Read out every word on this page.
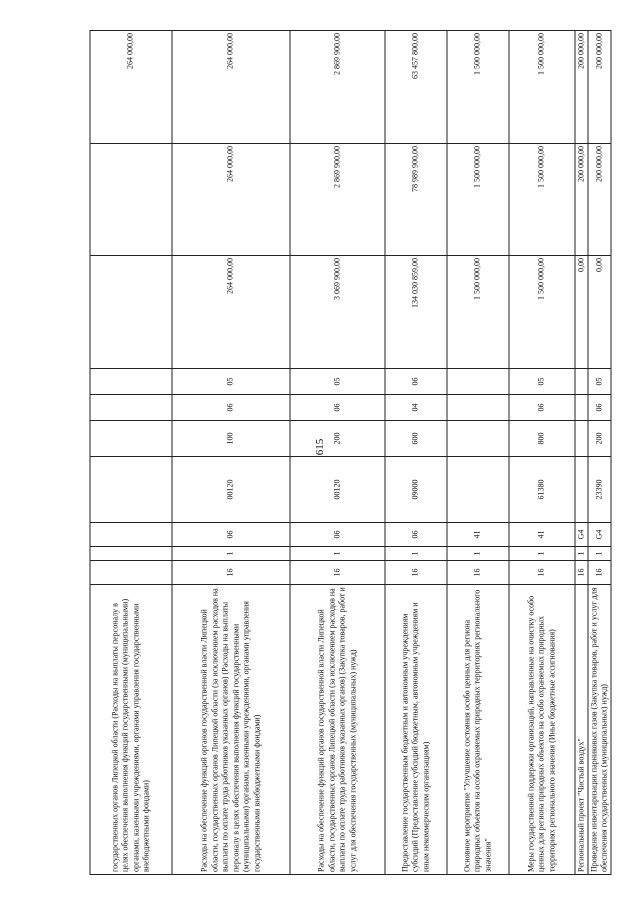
615
государственных органов Липецкой области (Расходы на выплаты персоналу в целях обеспечения выполнения функций государственными (муниципальными) органами, казенными учреждениями, органами управления государственными внебюджетными фондами)										264 000,00
Расходы на обеспечение функций органов государственной власти Липецкой области, государственных органов Липецкой области (за исключением расходов на выплаты по оплате труда работников указанных органов) (Расходы на выплаты персоналу в целях обеспечения выполнения функций государственными (муниципальными) органами, казенными учреждениями, органами управления государственными внебюджетными фондами)	16	1	06	00120	100	06	05	264 000,00	264 000,00	264 000,00
Расходы на обеспечение функций органов государственной власти Липецкой области, государственных органов Липецкой области (за исключением расходов на выплаты по оплате труда работников указанных органов) (Закупка товаров, работ и услуг для обеспечения государственных (муниципальных) нужд)	16	1	06	00120	200	06	05	3 069 900,00	2 869 900,00	2 869 900,00
Предоставление государственным бюджетным и автономным учреждениям субсидий (Предоставление субсидий бюджетным, автономным учреждениям и иным некоммерческим организациям)	16	1	06	09000	600	04	06	134 030 859,00	78 989 900,00	63 457 800,00
Основное мероприятие "Улучшение состояния особо ценных для региона природных объектов на особо охраняемых природных территориях регионального значения"	16	1	41					1 500 000,00	1 500 000,00	1 500 000,00
Меры государственной поддержки организаций, направленные на очистку особо ценных для региона природных объектов на особо охраняемых природных территориях регионального значения (Иные бюджетные ассигнования)	16	1	41	61380	800	06	05	1 500 000,00	1 500 000,00	1 500 000,00
Региональный проект "Чистый воздух"	16	1	G4					0,00	200 000,00	200 000,00
Проведение инвентаризации парниковых газов (Закупка товаров, работ и услуг для обеспечения государственных (муниципальных) нужд)	16	1	G4	23390	200	06	05	0,00	200 000,00	200 000,00
